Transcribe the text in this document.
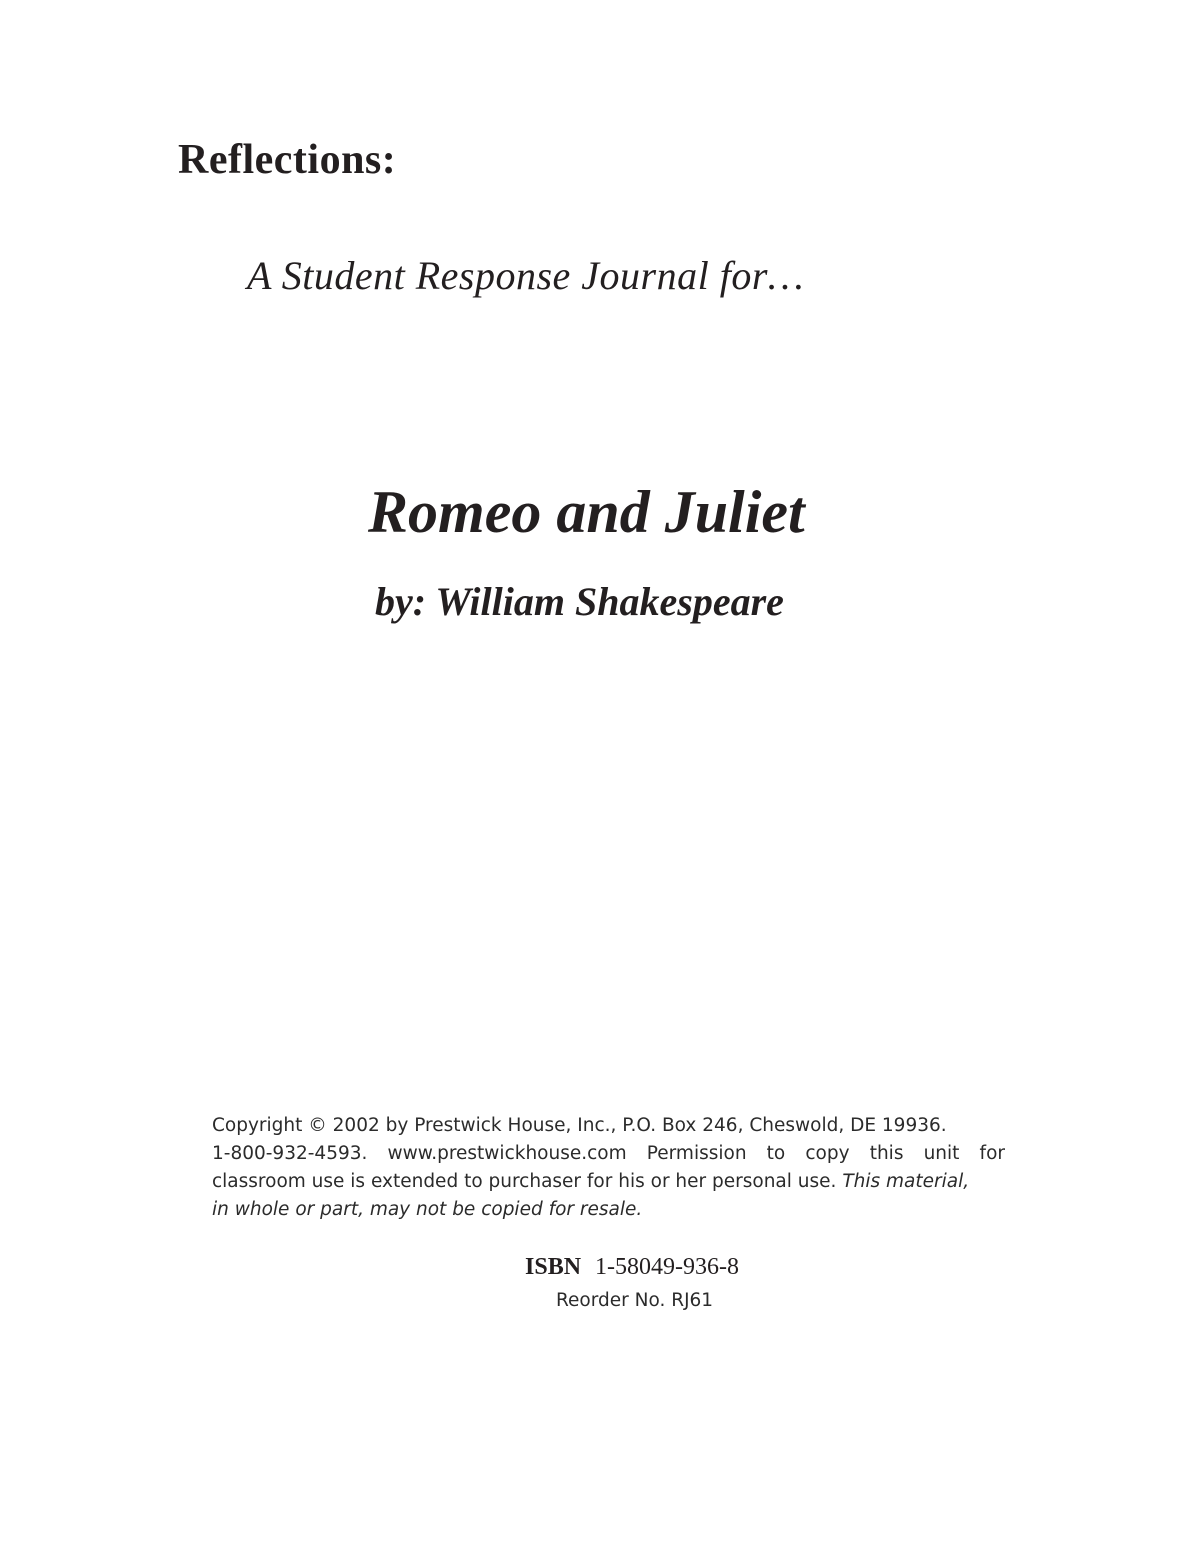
Reflections:
A Student Response Journal for…
Romeo and Juliet
by: William Shakespeare
Copyright © 2002 by Prestwick House, Inc., P.O. Box 246, Cheswold, DE 19936.
1-800-932-4593. www.prestwickhouse.com Permission to copy this unit for
classroom use is extended to purchaser for his or her personal use. This material,
in whole or part, may not be copied for resale.
ISBN 1-58049-936-8
Reorder No. RJ61
